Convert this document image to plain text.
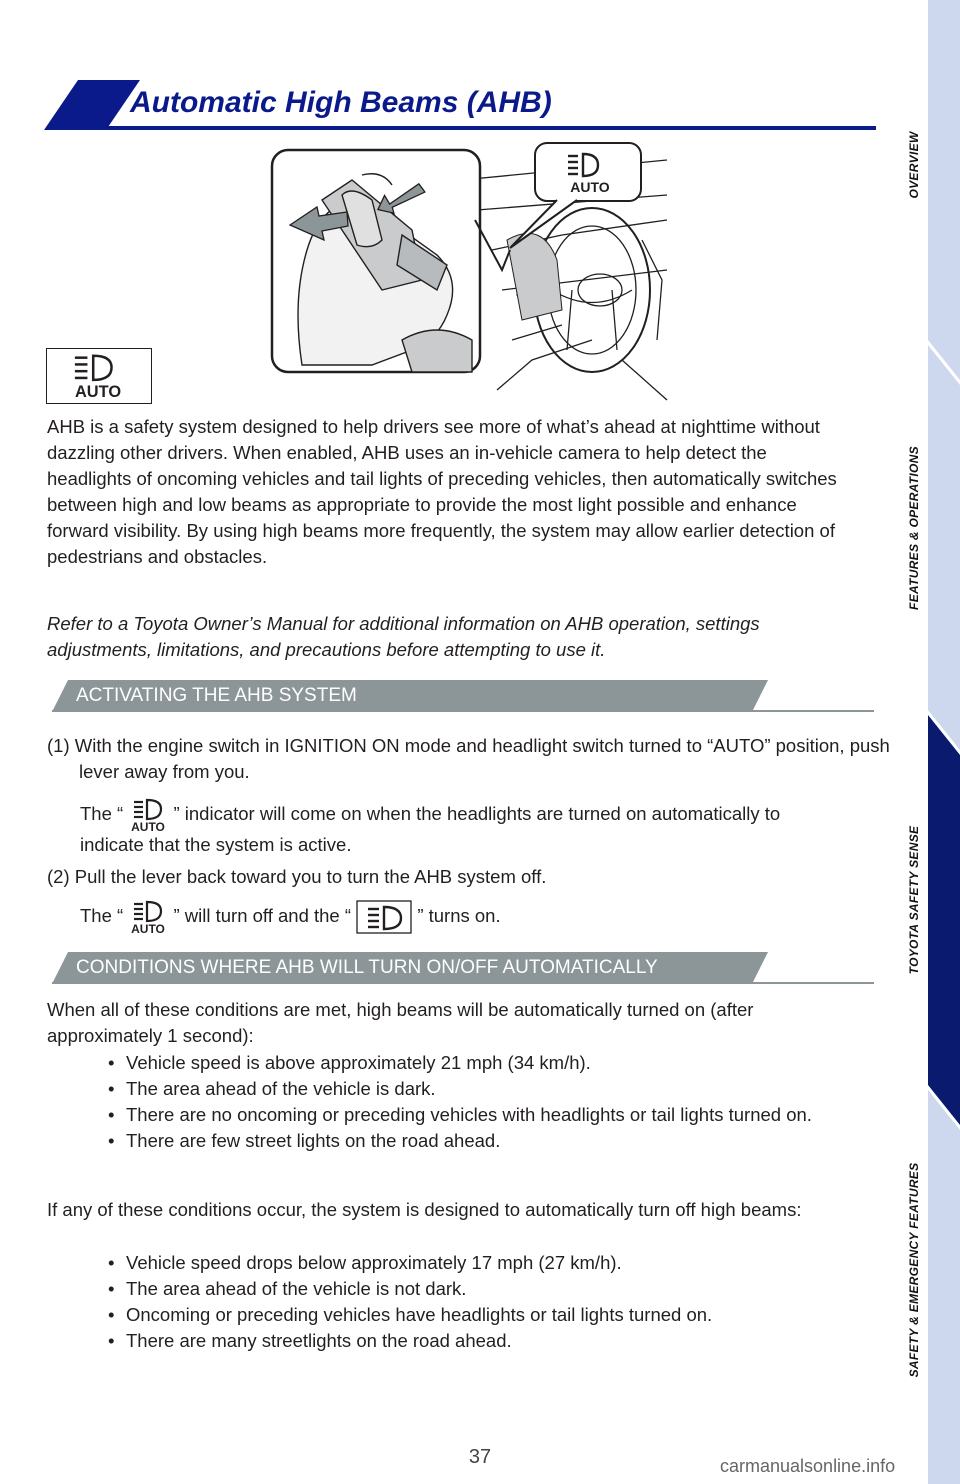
Automatic High Beams (AHB)
AUTO
AUTO

AHB is a safety system designed to help drivers see more of what’s ahead at nighttime without dazzling other drivers. When enabled, AHB uses an in-vehicle camera to help detect the headlights of oncoming vehicles and tail lights of preceding vehicles, then automatically switches between high and low beams as appropriate to provide the most light possible and enhance forward visibility. By using high beams more frequently, the system may allow earlier detection of pedestrians and obstacles.

Refer to a Toyota Owner’s Manual for additional information on AHB operation, settings adjustments, limitations, and precautions before attempting to use it.

ACTIVATING THE AHB SYSTEM

(1) With the engine switch in IGNITION ON mode and headlight switch turned to “AUTO” position, push lever away from you.

The “
AUTO
” indicator will come on when the headlights are turned on automatically to indicate that the system is active.

(2) Pull the lever back toward you to turn the AHB system off.

The “
AUTO
” will turn off and the “	” turns on.

CONDITIONS WHERE AHB WILL TURN ON/OFF AUTOMATICALLY

When all of these conditions are met, high beams will be automatically turned on (after approximately 1 second):

• Vehicle speed is above approximately 21 mph (34 km/h).
• The area ahead of the vehicle is dark.
• There are no oncoming or preceding vehicles with headlights or tail lights turned on.
• There are few street lights on the road ahead.

If any of these conditions occur, the system is designed to automatically turn off high beams:

• Vehicle speed drops below approximately 17 mph (27 km/h).
• The area ahead of the vehicle is not dark.
• Oncoming or preceding vehicles have headlights or tail lights turned on.
• There are many streetlights on the road ahead.
37
OVERVIEW
FEATURES & OPERATIONS
TOYOTA SAFETY SENSE
SAFETY & EMERGENCY FEATURES
carmanualsonline.info
